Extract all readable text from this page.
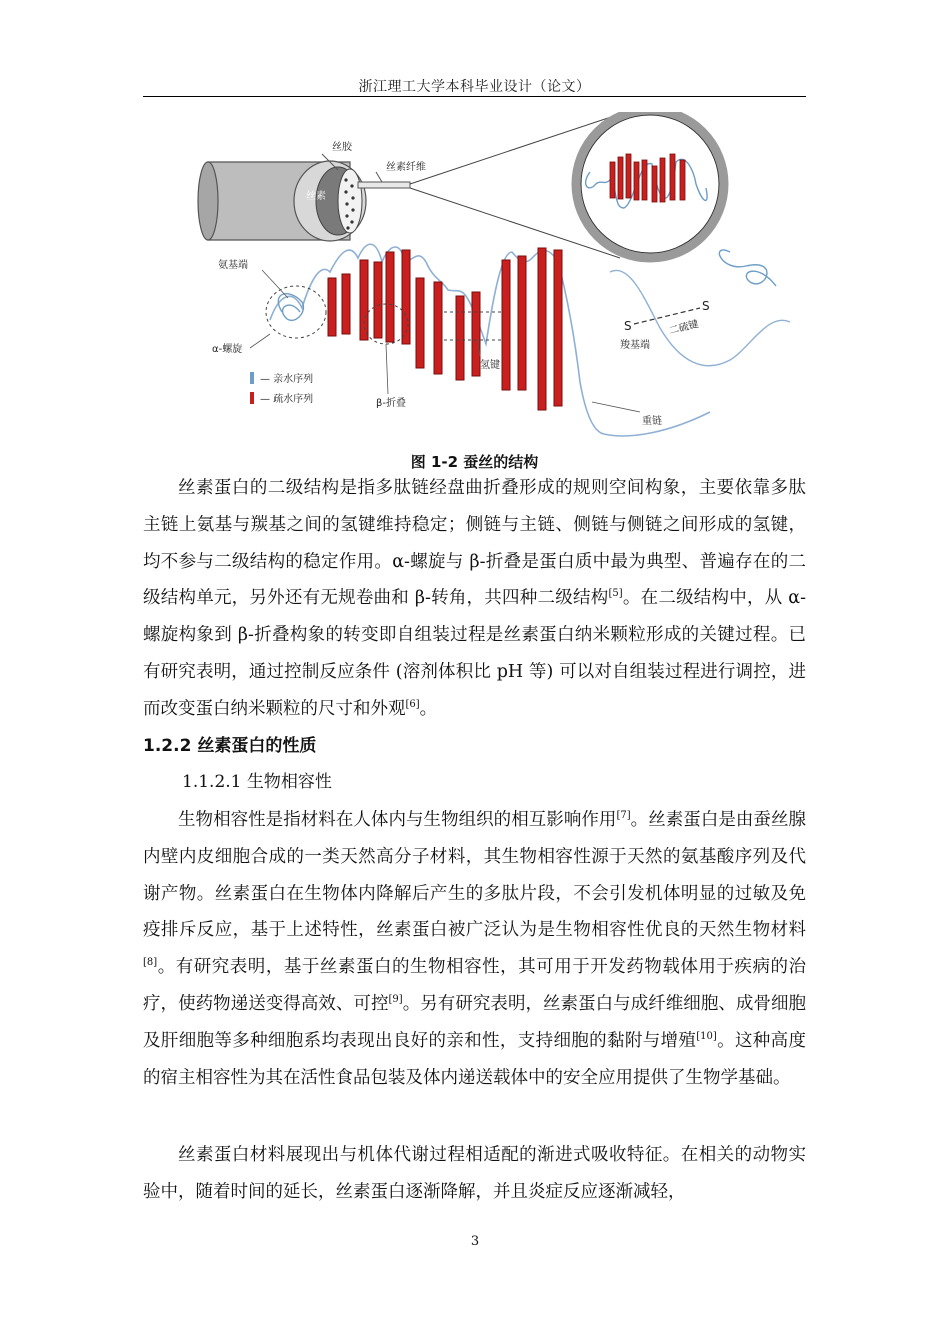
浙江理工大学本科毕业设计（论文）
丝胶
丝素
丝素纤维
氢键
氨基端
α-螺旋
β-折叠
S
S
二硫键
羧基端
重链
— 亲水序列
— 疏水序列
图 1-2 蚕丝的结构

丝素蛋白的二级结构是指多肽链经盘曲折叠形成的规则空间构象，主要依靠多肽主链上氨基与羰基之间的氢键维持稳定；侧链与主链、侧链与侧链之间形成的氢键，均不参与二级结构的稳定作用。α-螺旋与 β-折叠是蛋白质中最为典型、普遍存在的二级结构单元，另外还有无规卷曲和 β-转角，共四种二级结构[5]。在二级结构中，从 α-螺旋构象到 β-折叠构象的转变即自组装过程是丝素蛋白纳米颗粒形成的关键过程。已有研究表明，通过控制反应条件 (溶剂体积比 pH 等) 可以对自组装过程进行调控，进而改变蛋白纳米颗粒的尺寸和外观[6]。

1.2.2 丝素蛋白的性质
1.1.2.1 生物相容性

生物相容性是指材料在人体内与生物组织的相互影响作用[7]。丝素蛋白是由蚕丝腺内壁内皮细胞合成的一类天然高分子材料，其生物相容性源于天然的氨基酸序列及代谢产物。丝素蛋白在生物体内降解后产生的多肽片段，不会引发机体明显的过敏及免疫排斥反应，基于上述特性，丝素蛋白被广泛认为是生物相容性优良的天然生物材料[8]。有研究表明，基于丝素蛋白的生物相容性，其可用于开发药物载体用于疾病的治疗，使药物递送变得高效、可控[9]。另有研究表明，丝素蛋白与成纤维细胞、成骨细胞及肝细胞等多种细胞系均表现出良好的亲和性，支持细胞的黏附与增殖[10]。这种高度的宿主相容性为其在活性食品包装及体内递送载体中的安全应用提供了生物学基础。

丝素蛋白材料展现出与机体代谢过程相适配的渐进式吸收特征。在相关的动物实验中，随着时间的延长，丝素蛋白逐渐降解，并且炎症反应逐渐减轻，

3
